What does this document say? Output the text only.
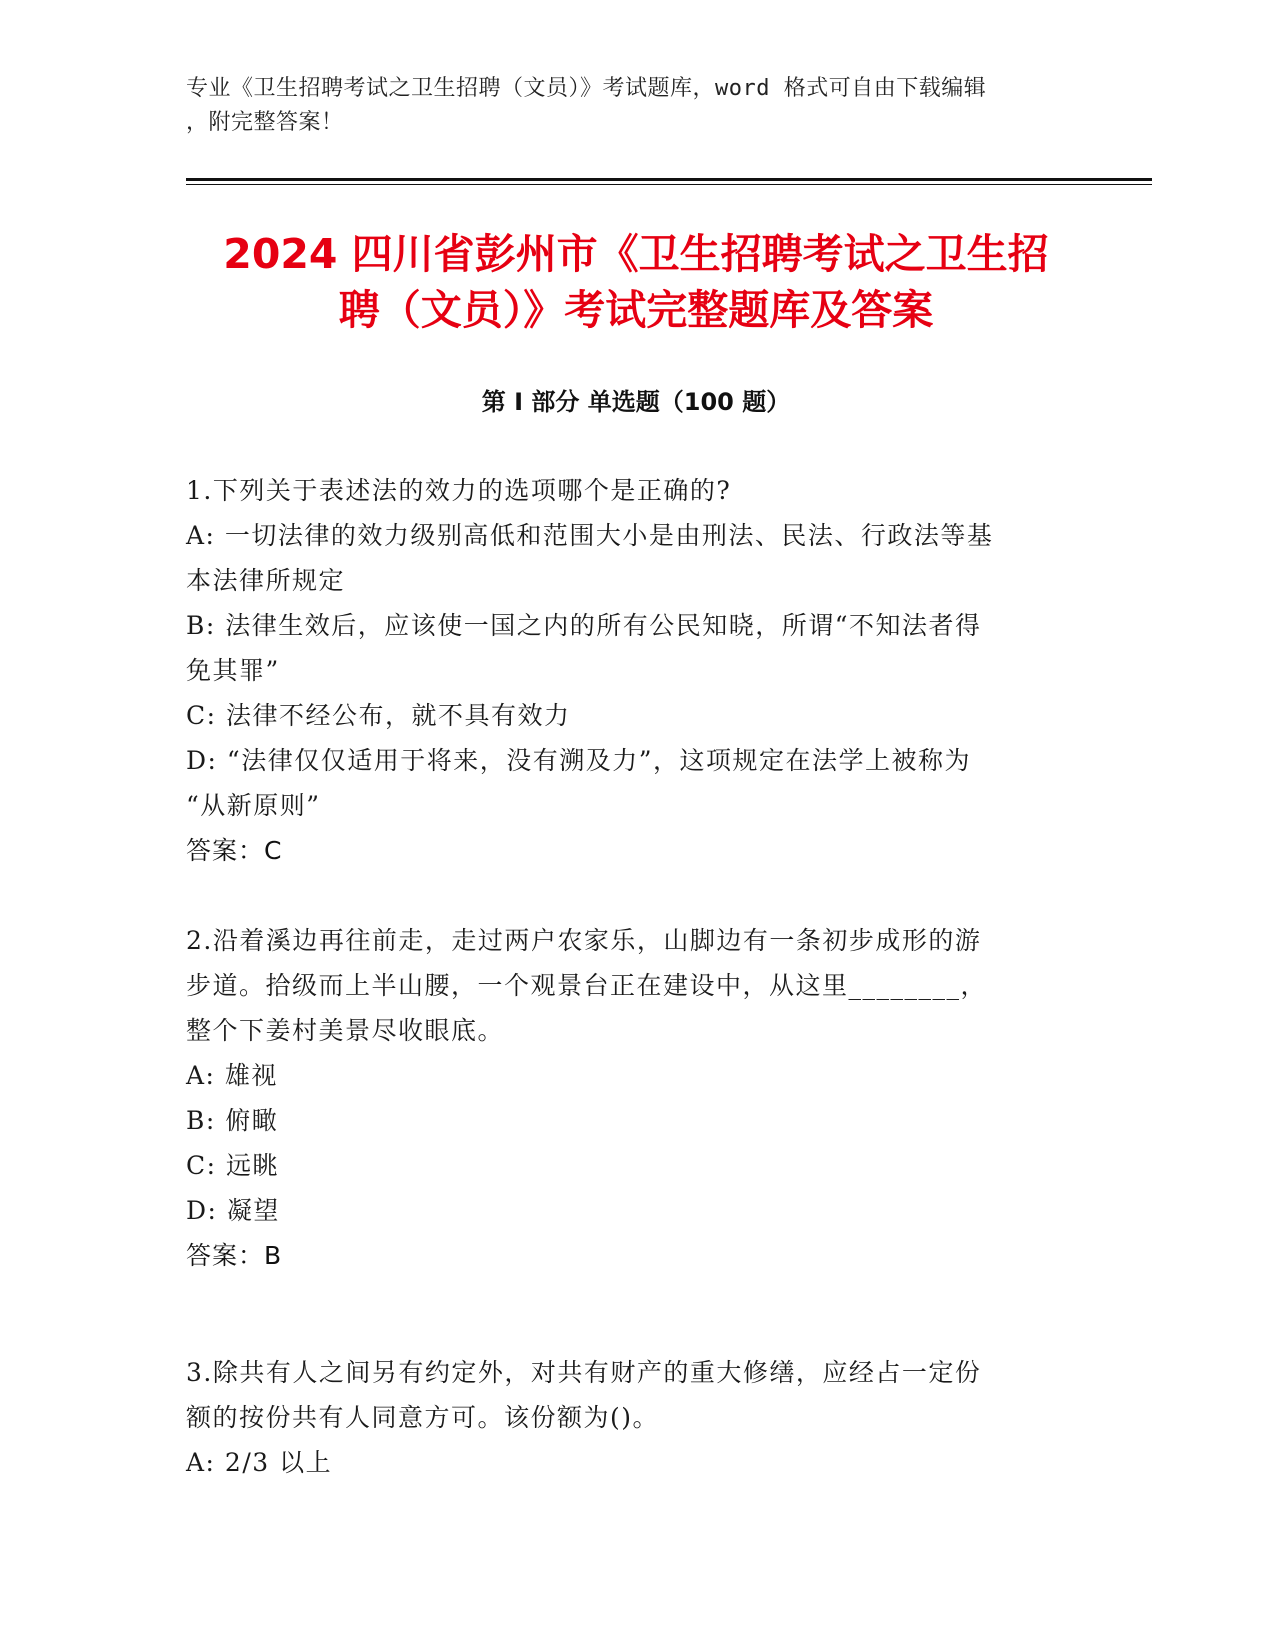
专业《卫生招聘考试之卫生招聘（文员）》考试题库，word 格式可自由下载编辑
，附完整答案！
2024 四川省彭州市《卫生招聘考试之卫生招
聘（文员）》考试完整题库及答案
第 I 部分 单选题（100 题）
1.下列关于表述法的效力的选项哪个是正确的?
A: 一切法律的效力级别高低和范围大小是由刑法、民法、行政法等基
本法律所规定
B: 法律生效后，应该使一国之内的所有公民知晓，所谓“不知法者得
免其罪”
C: 法律不经公布，就不具有效力
D: “法律仅仅适用于将来，没有溯及力”，这项规定在法学上被称为
“从新原则”
答案：C
2.沿着溪边再往前走，走过两户农家乐，山脚边有一条初步成形的游
步道。拾级而上半山腰，一个观景台正在建设中，从这里________，
整个下姜村美景尽收眼底。
A: 雄视
B: 俯瞰
C: 远眺
D: 凝望
答案：B
3.除共有人之间另有约定外，对共有财产的重大修缮，应经占一定份
额的按份共有人同意方可。该份额为()。
A: 2/3 以上
